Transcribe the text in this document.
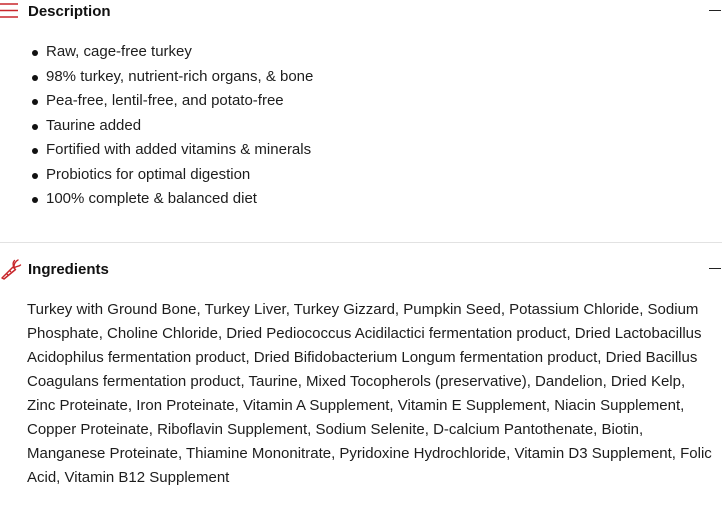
Description
Raw, cage-free turkey
98% turkey, nutrient-rich organs, & bone
Pea-free, lentil-free, and potato-free
Taurine added
Fortified with added vitamins & minerals
Probiotics for optimal digestion
100% complete & balanced diet
Ingredients

Turkey with Ground Bone, Turkey Liver, Turkey Gizzard, Pumpkin Seed, Potassium Chloride, Sodium Phosphate, Choline Chloride, Dried Pediococcus Acidilactici fermentation product, Dried Lactobacillus Acidophilus fermentation product, Dried Bifidobacterium Longum fermentation product, Dried Bacillus Coagulans fermentation product, Taurine, Mixed Tocopherols (preservative), Dandelion, Dried Kelp, Zinc Proteinate, Iron Proteinate, Vitamin A Supplement, Vitamin E Supplement, Niacin Supplement, Copper Proteinate, Riboflavin Supplement, Sodium Selenite, D-calcium Pantothenate, Biotin, Manganese Proteinate, Thiamine Mononitrate, Pyridoxine Hydrochloride, Vitamin D3 Supplement, Folic Acid, Vitamin B12 Supplement
